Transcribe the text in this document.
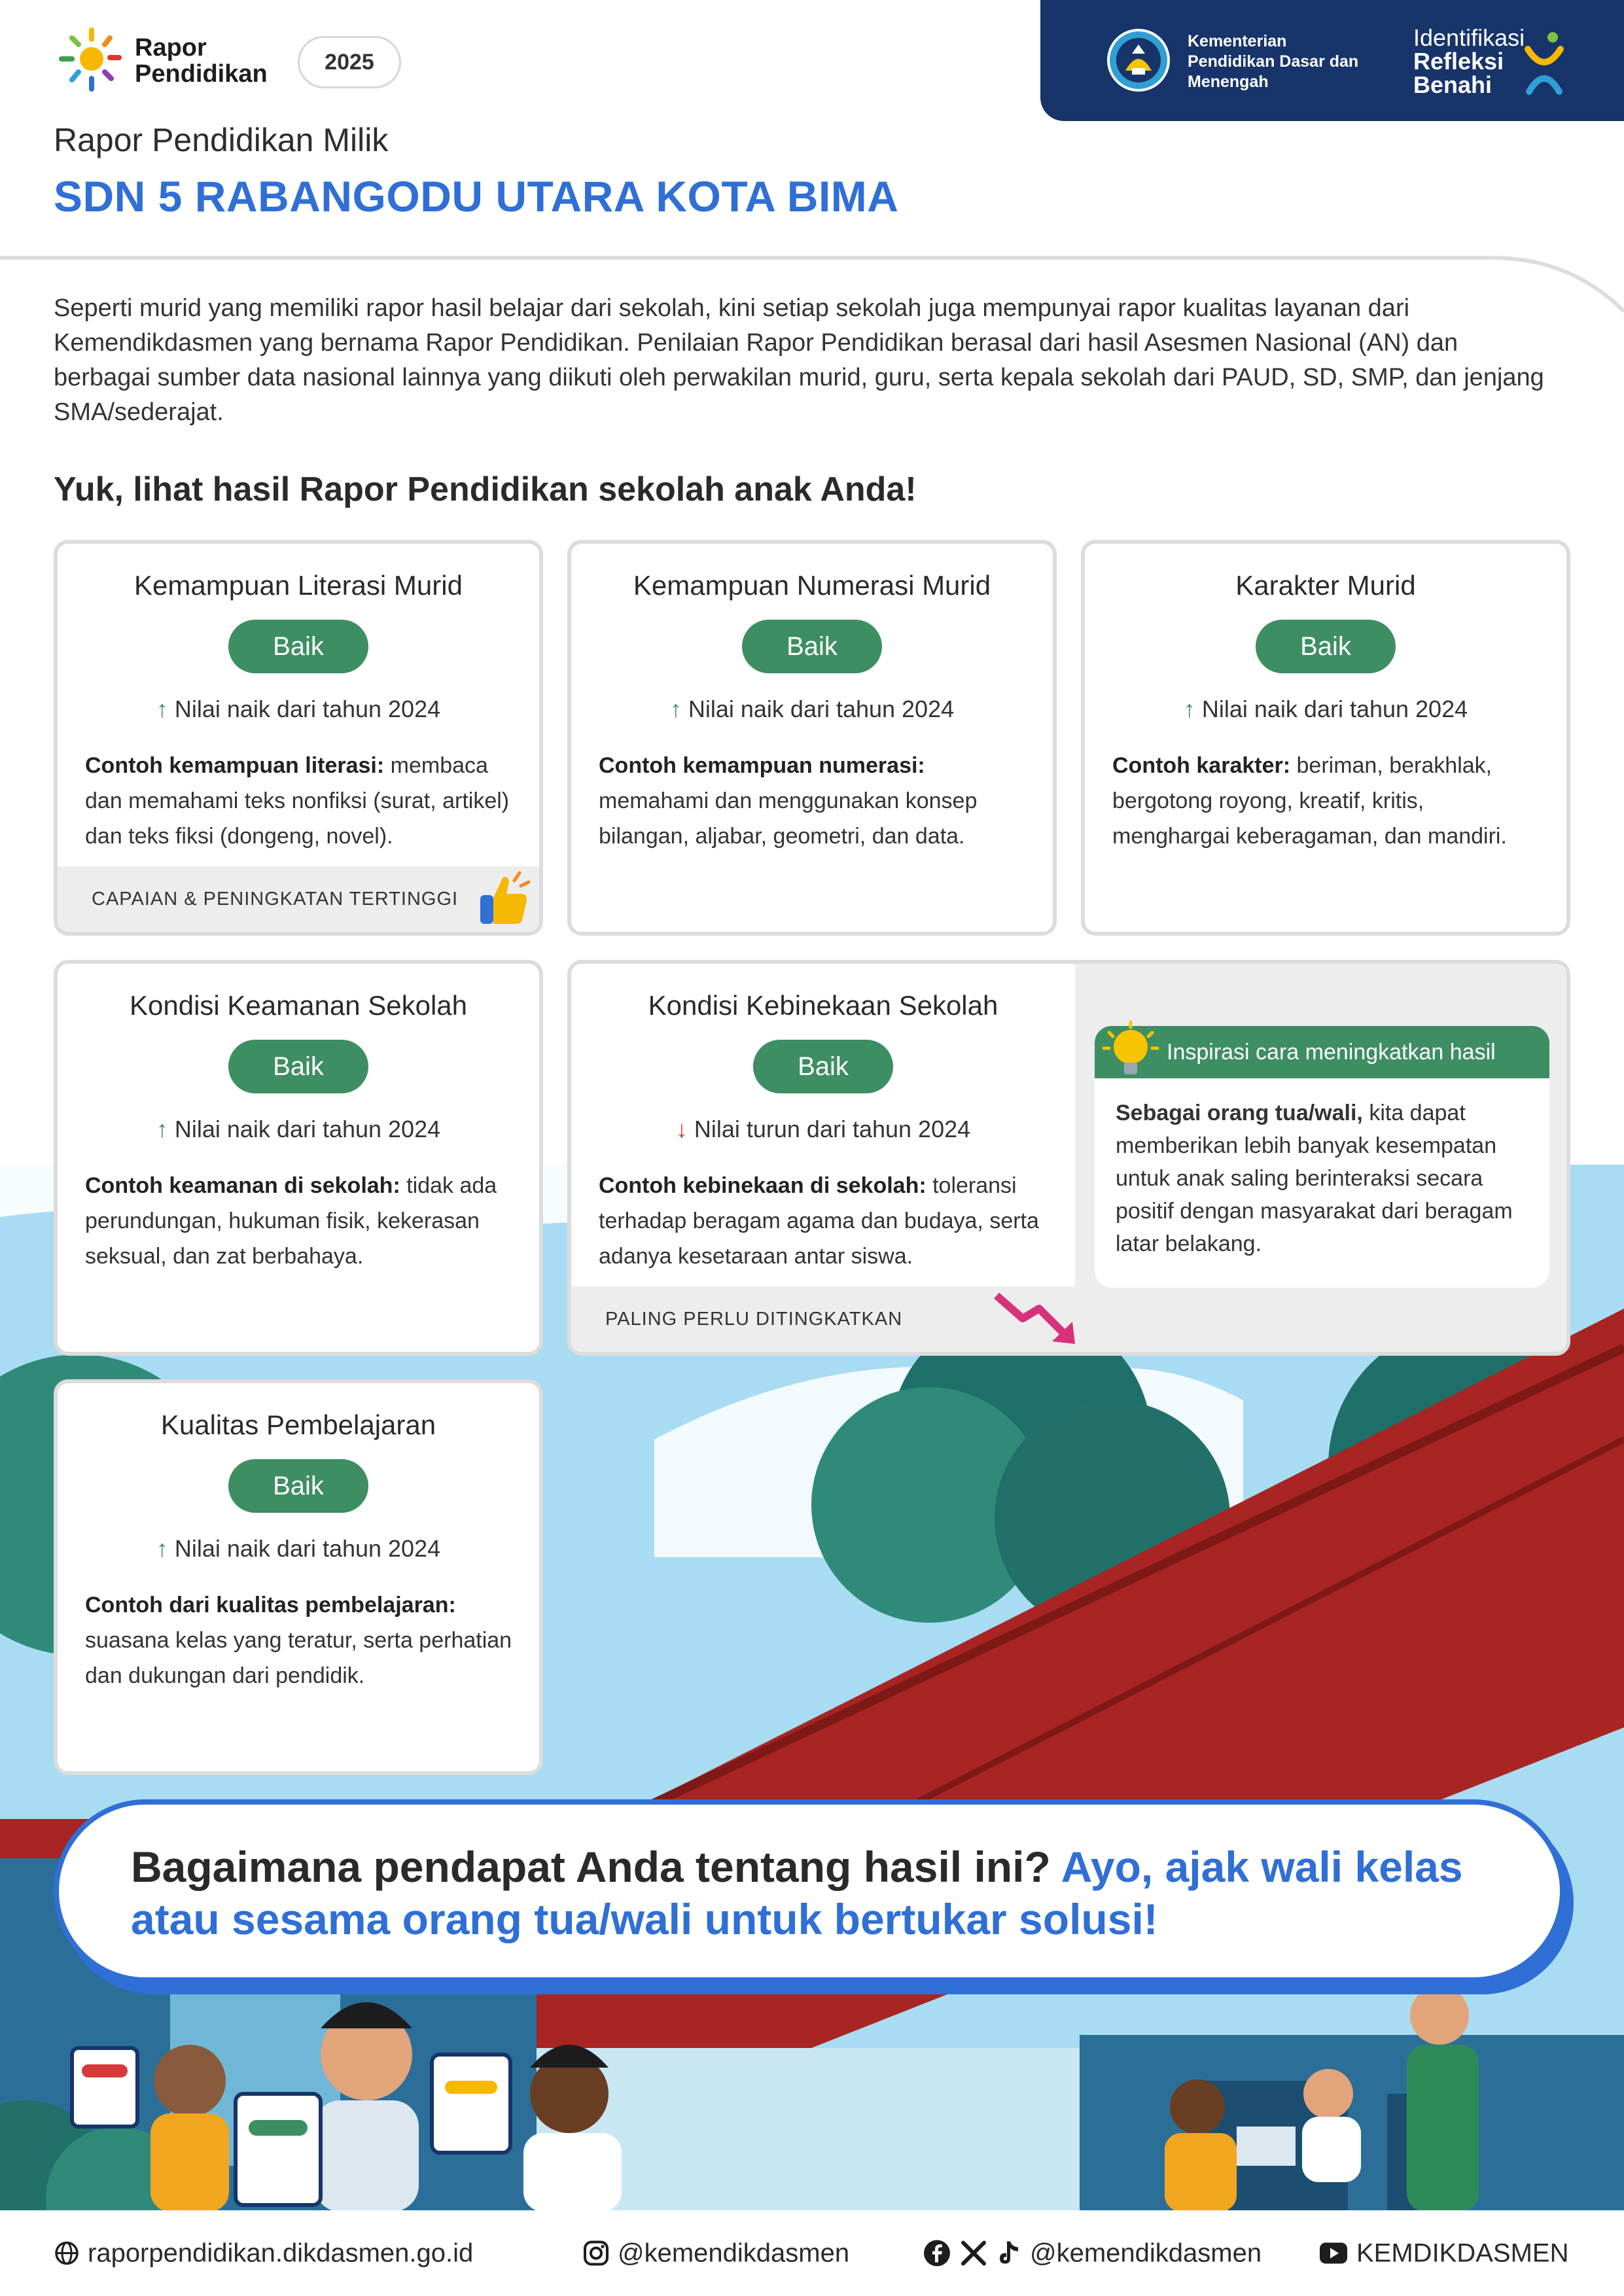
Rapor
Pendidikan	2025
Kementerian
Pendidikan Dasar dan
Menengah
Identifikasi
Refleksi
Benahi
Rapor Pendidikan Milik
SDN 5 RABANGODU UTARA KOTA BIMA
Seperti murid yang memiliki rapor hasil belajar dari sekolah, kini setiap sekolah juga mempunyai rapor kualitas layanan dari Kemendikdasmen yang bernama Rapor Pendidikan. Penilaian Rapor Pendidikan berasal dari hasil Asesmen Nasional (AN) dan berbagai sumber data nasional lainnya yang diikuti oleh perwakilan murid, guru, serta kepala sekolah dari PAUD, SD, SMP, dan jenjang SMA/sederajat.
Yuk, lihat hasil Rapor Pendidikan sekolah anak Anda!
Kemampuan Literasi Murid
Baik
↑ Nilai naik dari tahun 2024
Contoh kemampuan literasi: membaca dan memahami teks nonfiksi (surat, artikel) dan teks fiksi (dongeng, novel).
CAPAIAN & PENINGKATAN TERTINGGI
Kemampuan Numerasi Murid
Baik
↑ Nilai naik dari tahun 2024
Contoh kemampuan numerasi: memahami dan menggunakan konsep bilangan, aljabar, geometri, dan data.
Karakter Murid
Baik
↑ Nilai naik dari tahun 2024
Contoh karakter: beriman, berakhlak, bergotong royong, kreatif, kritis, menghargai keberagaman, dan mandiri.
Kondisi Keamanan Sekolah
Baik
↑ Nilai naik dari tahun 2024
Contoh keamanan di sekolah: tidak ada perundungan, hukuman fisik, kekerasan seksual, dan zat berbahaya.
Kondisi Kebinekaan Sekolah
Baik
↓ Nilai turun dari tahun 2024
Contoh kebinekaan di sekolah: toleransi terhadap beragam agama dan budaya, serta adanya kesetaraan antar siswa.
PALING PERLU DITINGKATKAN
Inspirasi cara meningkatkan hasil
Sebagai orang tua/wali, kita dapat memberikan lebih banyak kesempatan untuk anak saling berinteraksi secara positif dengan masyarakat dari beragam latar belakang.
Kualitas Pembelajaran
Baik
↑ Nilai naik dari tahun 2024
Contoh dari kualitas pembelajaran: suasana kelas yang teratur, serta perhatian dan dukungan dari pendidik.
Bagaimana pendapat Anda tentang hasil ini? Ayo, ajak wali kelas atau sesama orang tua/wali untuk bertukar solusi!
rapor​pendidikan.dikdasmen.go.id	@kemendikdasmen	@kemendikdasmen	KEMDIKDASMEN
